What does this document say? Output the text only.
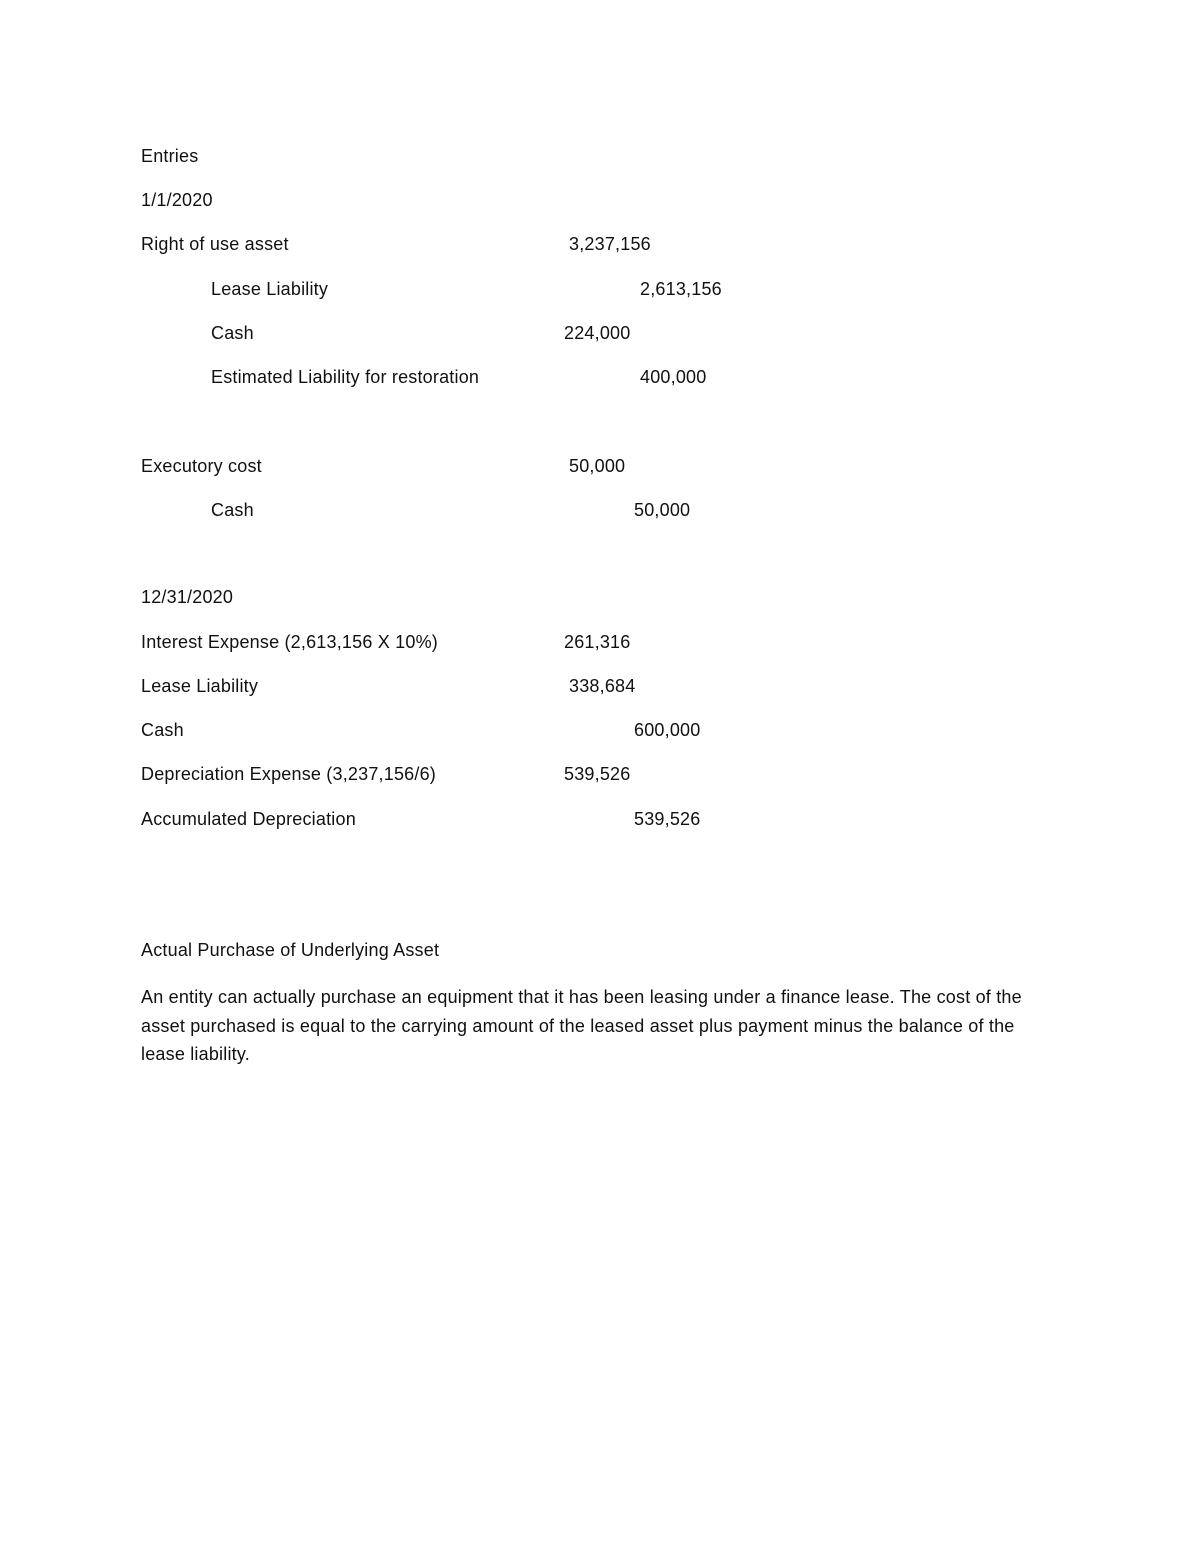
Entries
1/1/2020
Right of use asset	3,237,156
Lease Liability	2,613,156
Cash	224,000
Estimated Liability for restoration	400,000
Executory cost	50,000
Cash	50,000
12/31/2020
Interest Expense (2,613,156 X 10%)	261,316
Lease Liability	338,684
Cash	600,000
Depreciation Expense (3,237,156/6)	539,526
Accumulated Depreciation	539,526
Actual Purchase of Underlying Asset
An entity can actually purchase an equipment that it has been leasing under a finance lease. The cost of the asset purchased is equal to the carrying amount of the leased asset plus payment minus the balance of the lease liability.
